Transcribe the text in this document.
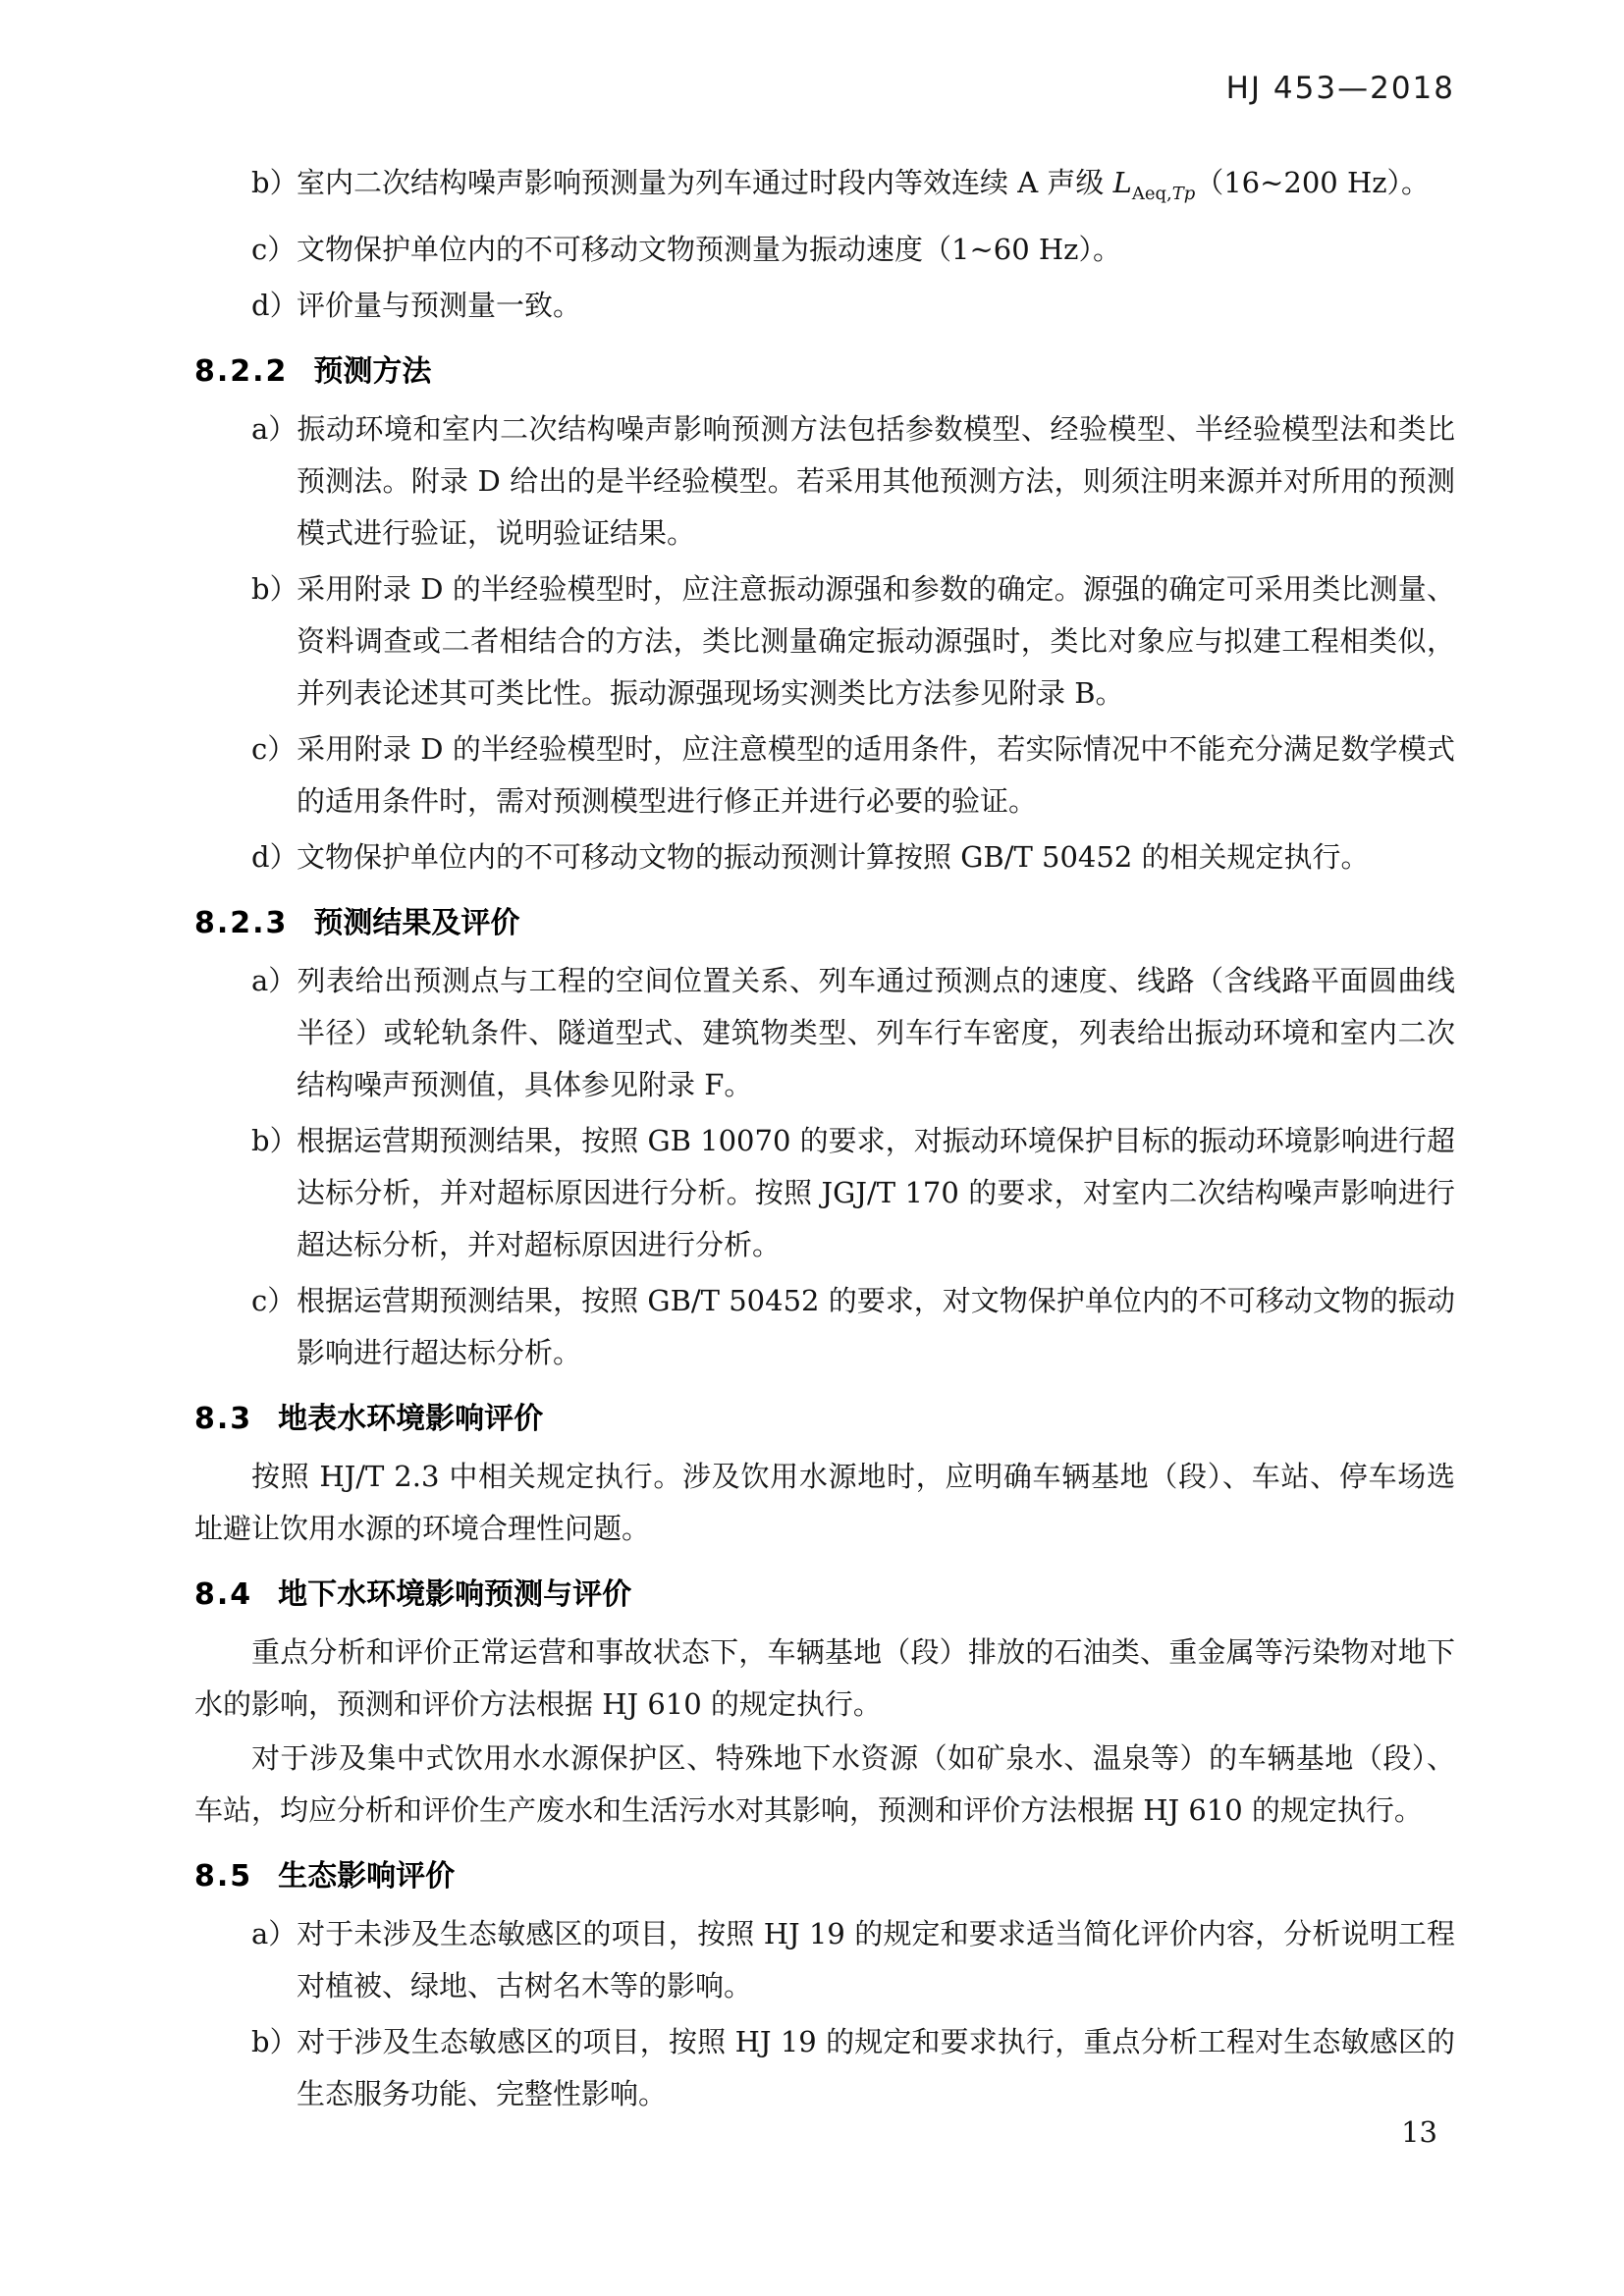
HJ 453—2018
b）室内二次结构噪声影响预测量为列车通过时段内等效连续 A 声级 $L_{Aeq,Tp}(16\sim 200$ Hz）。
c）文物保护单位内的不可移动文物预测量为振动速度（1~60 Hz）。
d）评价量与预测量一致。
8.2.2 预测方法
a）振动环境和室内二次结构噪声影响预测方法包括参数模型、经验模型、半经验模型法和类比预测法。附录 D 给出的是半经验模型。若采用其他预测方法，则须注明来源并对所用的预测模式进行验证，说明验证结果。
b）采用附录 D 的半经验模型时，应注意振动源强和参数的确定。源强的确定可采用类比测量、资料调查或二者相结合的方法，类比测量确定振动源强时，类比对象应与拟建工程相类似，并列表论述其可类比性。振动源强现场实测类比方法参见附录 B。
c）采用附录 D 的半经验模型时，应注意模型的适用条件，若实际情况中不能充分满足数学模式的适用条件时，需对预测模型进行修正并进行必要的验证。
d）文物保护单位内的不可移动文物的振动预测计算按照 GB/T 50452 的相关规定执行。
8.2.3 预测结果及评价
a）列表给出预测点与工程的空间位置关系、列车通过预测点的速度、线路（含线路平面圆曲线半径）或轮轨条件、隧道型式、建筑物类型、列车行车密度，列表给出振动环境和室内二次结构噪声预测值，具体参见附录 F。
b）根据运营期预测结果，按照 GB 10070 的要求，对振动环境保护目标的振动环境影响进行超达标分析，并对超标原因进行分析。按照 JGJ/T 170 的要求，对室内二次结构噪声影响进行超达标分析，并对超标原因进行分析。
c）根据运营期预测结果，按照 GB/T 50452 的要求，对文物保护单位内的不可移动文物的振动影响进行超达标分析。
8.3 地表水环境影响评价

按照 HJ/T 2.3 中相关规定执行。涉及饮用水源地时，应明确车辆基地（段）、车站、停车场选址避让饮用水源的环境合理性问题。

8.4 地下水环境影响预测与评价

重点分析和评价正常运营和事故状态下，车辆基地（段）排放的石油类、重金属等污染物对地下水的影响，预测和评价方法根据 HJ 610 的规定执行。

对于涉及集中式饮用水水源保护区、特殊地下水资源（如矿泉水、温泉等）的车辆基地（段）、车站，均应分析和评价生产废水和生活污水对其影响，预测和评价方法根据 HJ 610 的规定执行。

8.5 生态影响评价
a）对于未涉及生态敏感区的项目，按照 HJ 19 的规定和要求适当简化评价内容，分析说明工程对植被、绿地、古树名木等的影响。
b）对于涉及生态敏感区的项目，按照 HJ 19 的规定和要求执行，重点分析工程对生态敏感区的生态服务功能、完整性影响。
13
